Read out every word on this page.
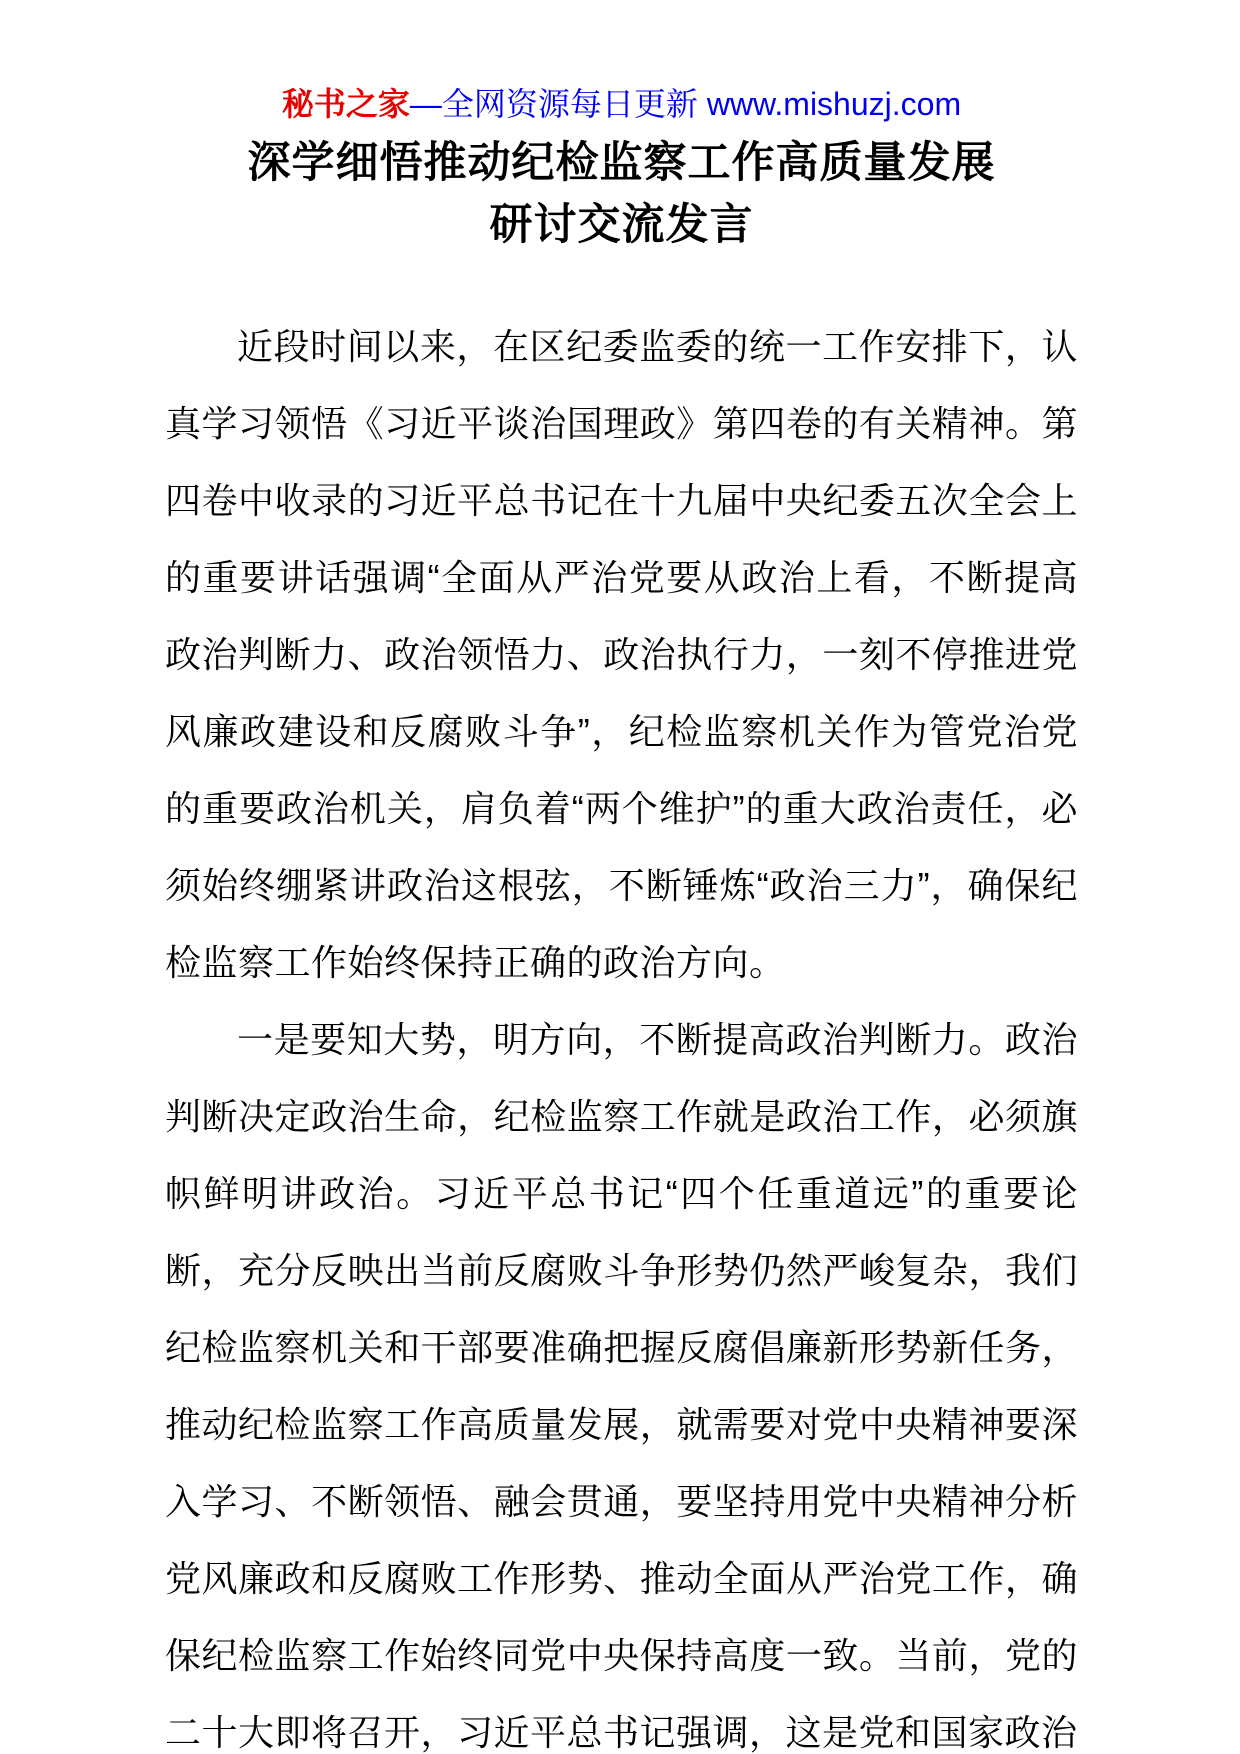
秘书之家—全网资源每日更新 www.mishuzj.com
深学细悟推动纪检监察工作高质量发展
研讨交流发言

近段时间以来，在区纪委监委的统一工作安排下，认真学习领悟《习近平谈治国理政》第四卷的有关精神。第四卷中收录的习近平总书记在十九届中央纪委五次全会上的重要讲话强调“全面从严治党要从政治上看，不断提高政治判断力、政治领悟力、政治执行力，一刻不停推进党风廉政建设和反腐败斗争”，纪检监察机关作为管党治党的重要政治机关，肩负着“两个维护”的重大政治责任，必须始终绷紧讲政治这根弦，不断锤炼“政治三力”，确保纪检监察工作始终保持正确的政治方向。

一是要知大势，明方向，不断提高政治判断力。政治判断决定政治生命，纪检监察工作就是政治工作，必须旗帜鲜明讲政治。习近平总书记“四个任重道远”的重要论断，充分反映出当前反腐败斗争形势仍然严峻复杂，我们纪检监察机关和干部要准确把握反腐倡廉新形势新任务，推动纪检监察工作高质量发展，就需要对党中央精神要深入学习、不断领悟、融会贯通，要坚持用党中央精神分析党风廉政和反腐败工作形势、推动全面从严治党工作，确保纪检监察工作始终同党中央保持高度一致。当前，党的二十大即将召开，习近平总书记强调，这是党和国家政治
